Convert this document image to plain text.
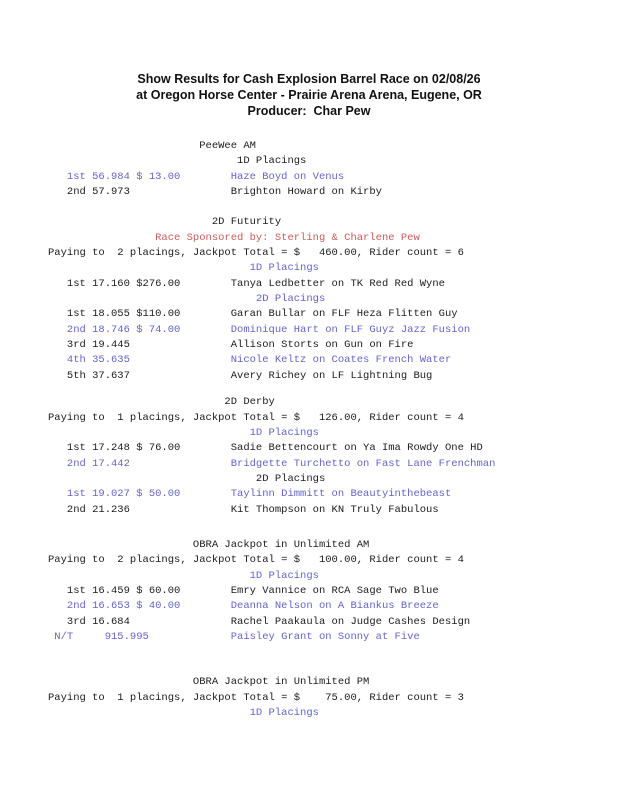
Show Results for Cash Explosion Barrel Race on 02/08/26
at Oregon Horse Center - Prairie Arena Arena, Eugene, OR
Producer:  Char Pew
PeeWee AM
1D Placings
1st 56.984 $ 13.00        Haze Boyd on Venus
2nd 57.973                Brighton Howard on Kirby
2D Futurity
Race Sponsored by: Sterling & Charlene Pew
Paying to  2 placings, Jackpot Total = $   460.00, Rider count = 6
1D Placings
1st 17.160 $276.00        Tanya Ledbetter on TK Red Red Wyne
2D Placings
1st 18.055 $110.00        Garan Bullar on FLF Heza Flitten Guy
2nd 18.746 $ 74.00        Dominique Hart on FLF Guyz Jazz Fusion
3rd 19.445                Allison Storts on Gun on Fire
4th 35.635                Nicole Keltz on Coates French Water
5th 37.637                Avery Richey on LF Lightning Bug
2D Derby
Paying to  1 placings, Jackpot Total = $   126.00, Rider count = 4
1D Placings
1st 17.248 $ 76.00        Sadie Bettencourt on Ya Ima Rowdy One HD
2nd 17.442                Bridgette Turchetto on Fast Lane Frenchman
2D Placings
1st 19.027 $ 50.00        Taylinn Dimmitt on Beautyinthebeast
2nd 21.236                Kit Thompson on KN Truly Fabulous
OBRA Jackpot in Unlimited AM
Paying to  2 placings, Jackpot Total = $   100.00, Rider count = 4
1D Placings
1st 16.459 $ 60.00        Emry Vannice on RCA Sage Two Blue
2nd 16.653 $ 40.00        Deanna Nelson on A Biankus Breeze
3rd 16.684                Rachel Paakaula on Judge Cashes Design
N/T     915.995             Paisley Grant on Sonny at Five
OBRA Jackpot in Unlimited PM
Paying to  1 placings, Jackpot Total = $    75.00, Rider count = 3
1D Placings
